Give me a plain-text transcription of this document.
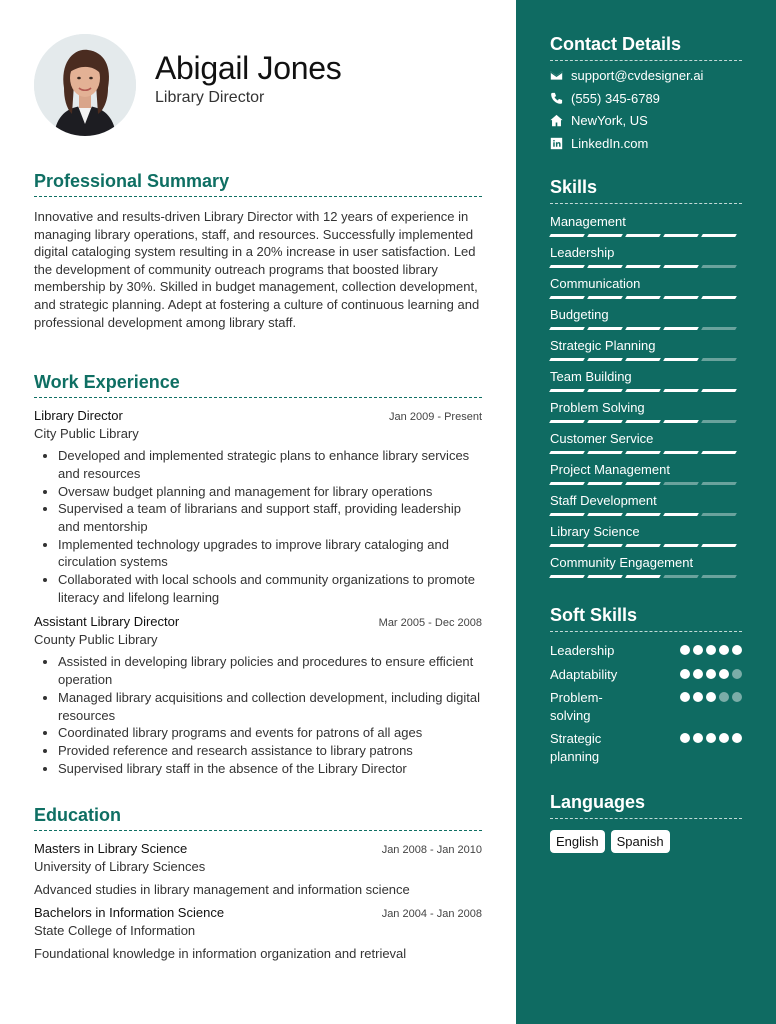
Abigail Jones
Library Director
Professional Summary

Innovative and results-driven Library Director with 12 years of experience in managing library operations, staff, and resources. Successfully implemented digital cataloging system resulting in a 20% increase in user satisfaction. Led the development of community outreach programs that boosted library membership by 30%. Skilled in budget management, collection development, and strategic planning. Adept at fostering a culture of continuous learning and professional development among library staff.

Work Experience
Library Director	Jan 2009 - Present
City Public Library
• Developed and implemented strategic plans to enhance library services and resources
• Oversaw budget planning and management for library operations
• Supervised a team of librarians and support staff, providing leadership and mentorship
• Implemented technology upgrades to improve library cataloging and circulation systems
• Collaborated with local schools and community organizations to promote literacy and lifelong learning
Assistant Library Director	Mar 2005 - Dec 2008
County Public Library
• Assisted in developing library policies and procedures to ensure efficient operation
• Managed library acquisitions and collection development, including digital resources
• Coordinated library programs and events for patrons of all ages
• Provided reference and research assistance to library patrons
• Supervised library staff in the absence of the Library Director
Education
Masters in Library Science	Jan 2008 - Jan 2010
University of Library Sciences
Advanced studies in library management and information science
Bachelors in Information Science	Jan 2004 - Jan 2008
State College of Information
Foundational knowledge in information organization and retrieval
Contact Details
support@cvdesigner.ai
(555) 345-6789
NewYork, US
LinkedIn.com
Skills
Management
Leadership
Communication
Budgeting
Strategic Planning
Team Building
Problem Solving
Customer Service
Project Management
Staff Development
Library Science
Community Engagement
Soft Skills
Leadership
Adaptability
Problem-solving
Strategic planning
Languages
English	Spanish
